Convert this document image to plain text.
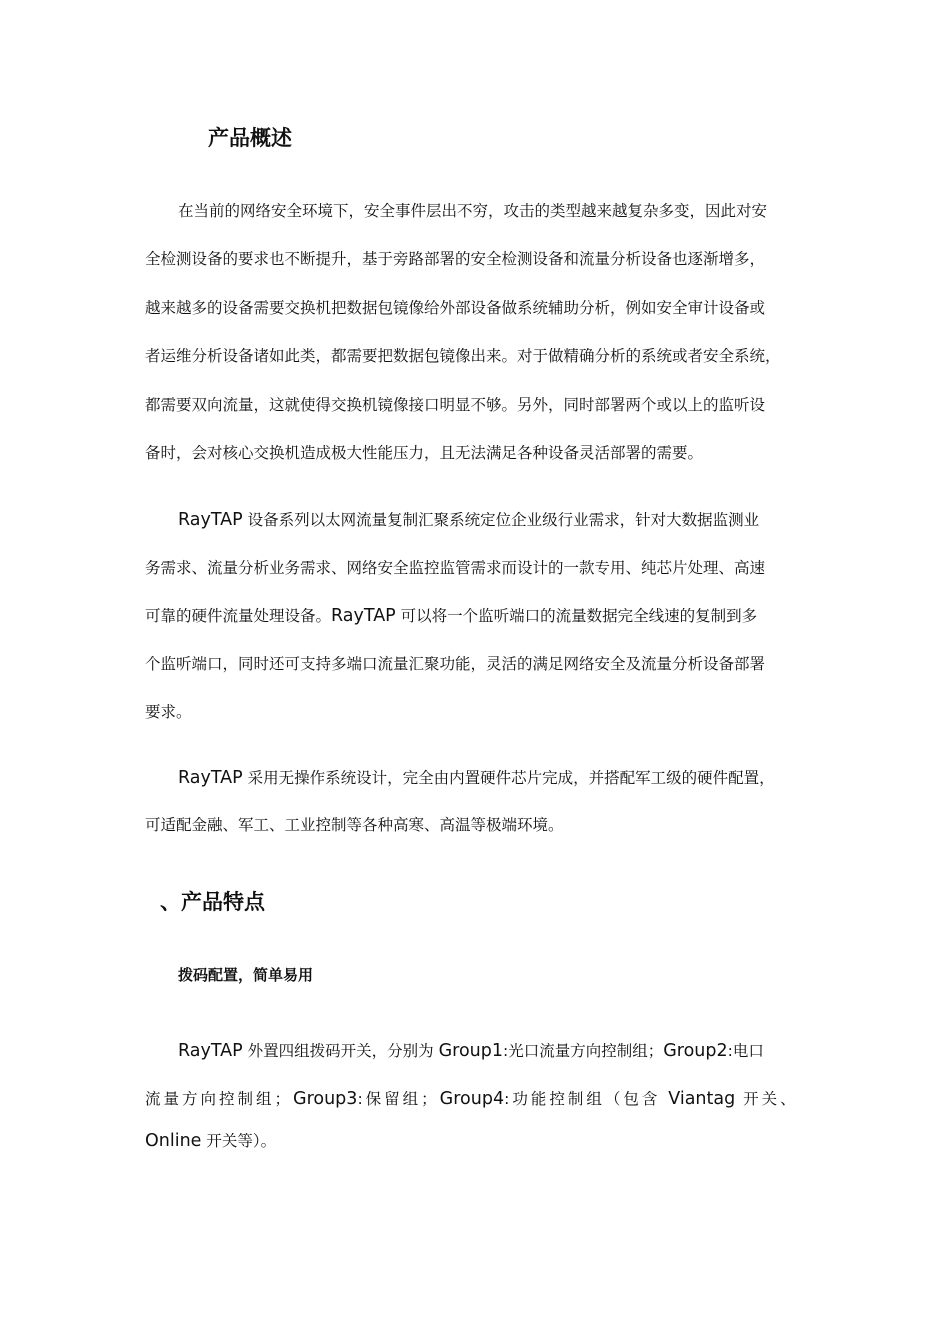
产品概述
在当前的网络安全环境下，安全事件层出不穷，攻击的类型越来越复杂多变，因此对安
全检测设备的要求也不断提升，基于旁路部署的安全检测设备和流量分析设备也逐渐增多，
越来越多的设备需要交换机把数据包镜像给外部设备做系统辅助分析，例如安全审计设备或
者运维分析设备诸如此类，都需要把数据包镜像出来。对于做精确分析的系统或者安全系统，
都需要双向流量，这就使得交换机镜像接口明显不够。另外，同时部署两个或以上的监听设
备时，会对核心交换机造成极大性能压力，且无法满足各种设备灵活部署的需要。
RayTAP 设备系列以太网流量复制汇聚系统定位企业级行业需求，针对大数据监测业
务需求、流量分析业务需求、网络安全监控监管需求而设计的一款专用、纯芯片处理、高速
可靠的硬件流量处理设备。RayTAP 可以将一个监听端口的流量数据完全线速的复制到多
个监听端口，同时还可支持多端口流量汇聚功能，灵活的满足网络安全及流量分析设备部署
要求。
RayTAP 采用无操作系统设计，完全由内置硬件芯片完成，并搭配军工级的硬件配置，
可适配金融、军工、工业控制等各种高寒、高温等极端环境。
、产品特点
拨码配置，简单易用
RayTAP 外置四组拨码开关，分别为 Group1:光口流量方向控制组；Group2:电口
流量方向控制组；Group3:保留组；Group4:功能控制组（包含 Viantag 开关、
Online 开关等）。
